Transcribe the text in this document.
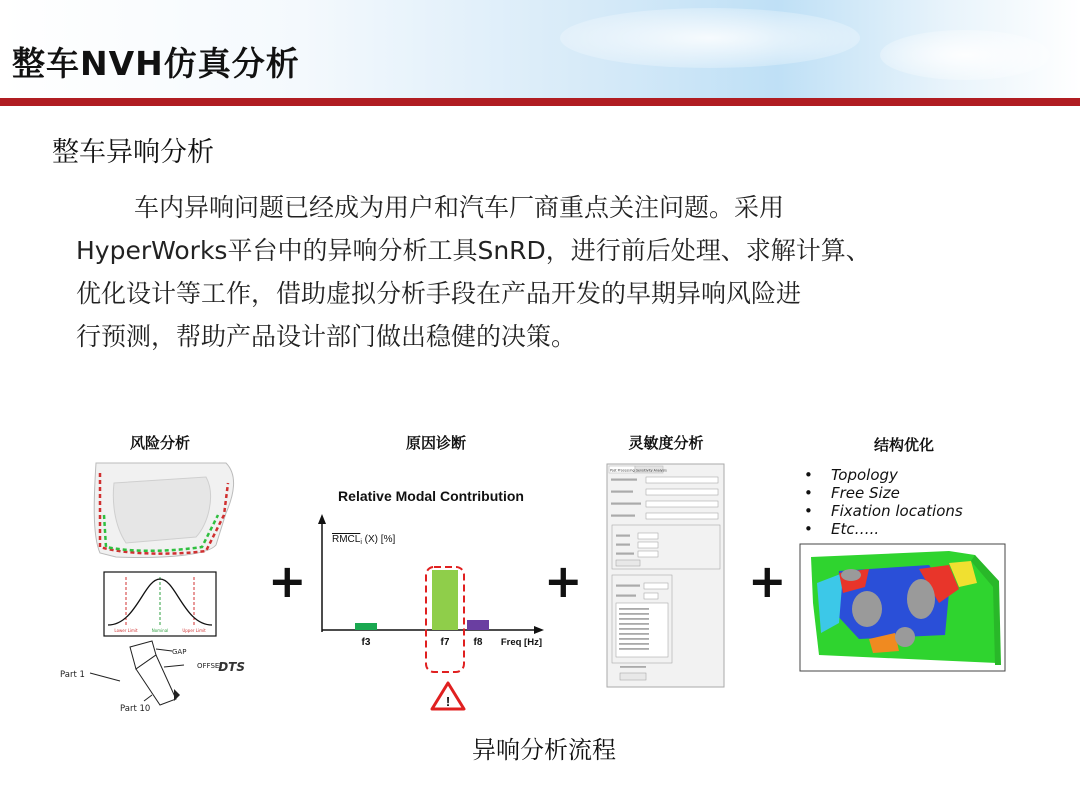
整车NVH仿真分析
整车异响分析
车内异响问题已经成为用户和汽车厂商重点关注问题。采用
HyperWorks平台中的异响分析工具SnRD，进行前后处理、求解计算、
优化设计等工作，借助虚拟分析手段在产品开发的早期异响风险进
行预测，帮助产品设计部门做出稳健的决策。
风险分析	原因诊断	灵敏度分析	结构优化
Lower Limit	Nominal	Upper Limit
GAP
OFFSET
Part 1
Part 10
DTS
+	+	+
Relative Modal Contribution
$RMCL_i$ (X) [%]
Freq [Hz]
f3	f7 f8
!
Post Processing Sensitivity Analysis	• Topology
• Free Size
• Fixation locations
• Etc…..
异响分析流程
